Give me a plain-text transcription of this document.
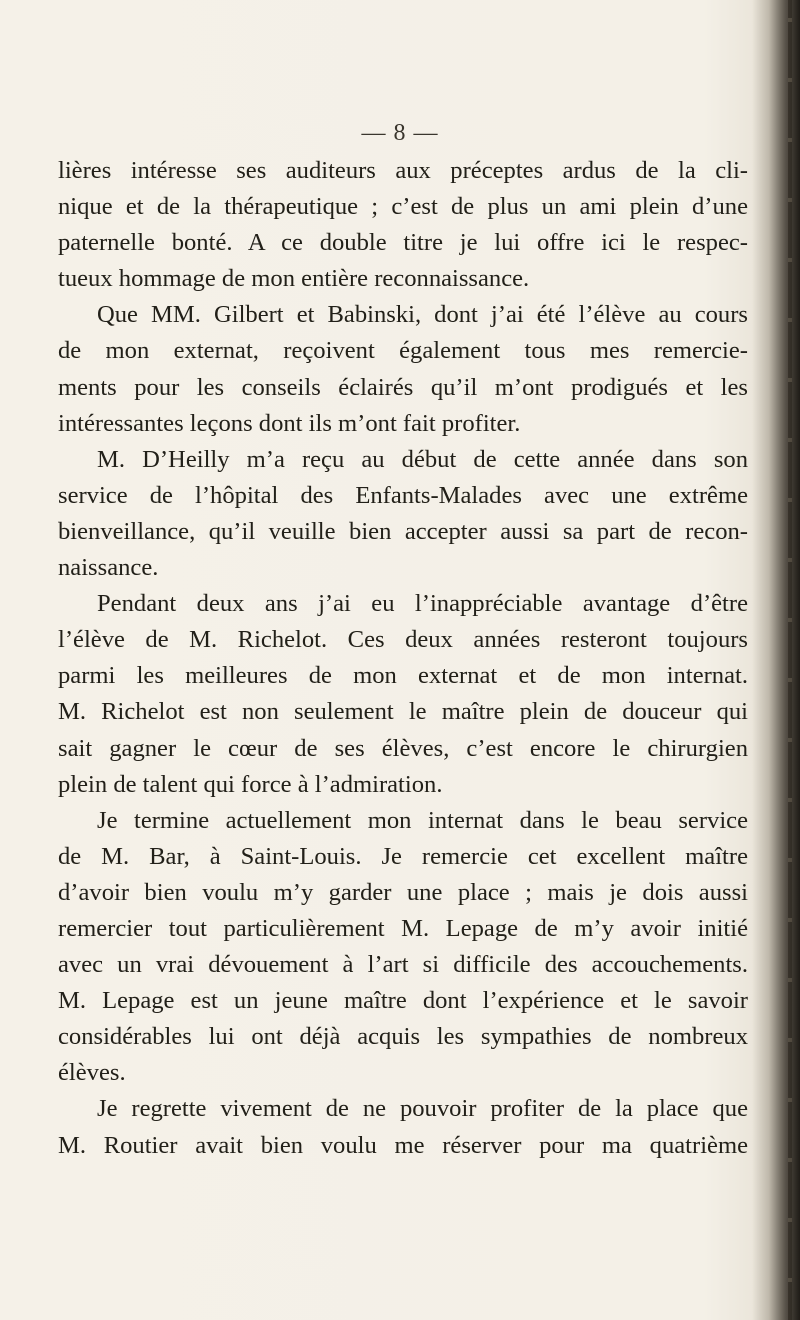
— 8 —
lières intéresse ses auditeurs aux préceptes ardus de la cli-
nique et de la thérapeutique ; c’est de plus un ami plein d’une
paternelle bonté. A ce double titre je lui offre ici le respec-
tueux hommage de mon entière reconnaissance.
Que MM. Gilbert et Babinski, dont j’ai été l’élève au cours
de mon externat, reçoivent également tous mes remercie-
ments pour les conseils éclairés qu’il m’ont prodigués et les
intéressantes leçons dont ils m’ont fait profiter.
M. D’Heilly m’a reçu au début de cette année dans son
service de l’hôpital des Enfants-Malades avec une extrême
bienveillance, qu’il veuille bien accepter aussi sa part de recon-
naissance.
Pendant deux ans j’ai eu l’inappréciable avantage d’être
l’élève de M. Richelot. Ces deux années resteront toujours
parmi les meilleures de mon externat et de mon internat.
M. Richelot est non seulement le maître plein de douceur qui
sait gagner le cœur de ses élèves, c’est encore le chirurgien
plein de talent qui force à l’admiration.
Je termine actuellement mon internat dans le beau service
de M. Bar, à Saint-Louis. Je remercie cet excellent maître
d’avoir bien voulu m’y garder une place ; mais je dois aussi
remercier tout particulièrement M. Lepage de m’y avoir initié
avec un vrai dévouement à l’art si difficile des accouchements.
M. Lepage est un jeune maître dont l’expérience et le savoir
considérables lui ont déjà acquis les sympathies de nombreux
élèves.
Je regrette vivement de ne pouvoir profiter de la place que
M. Routier avait bien voulu me réserver pour ma quatrième
